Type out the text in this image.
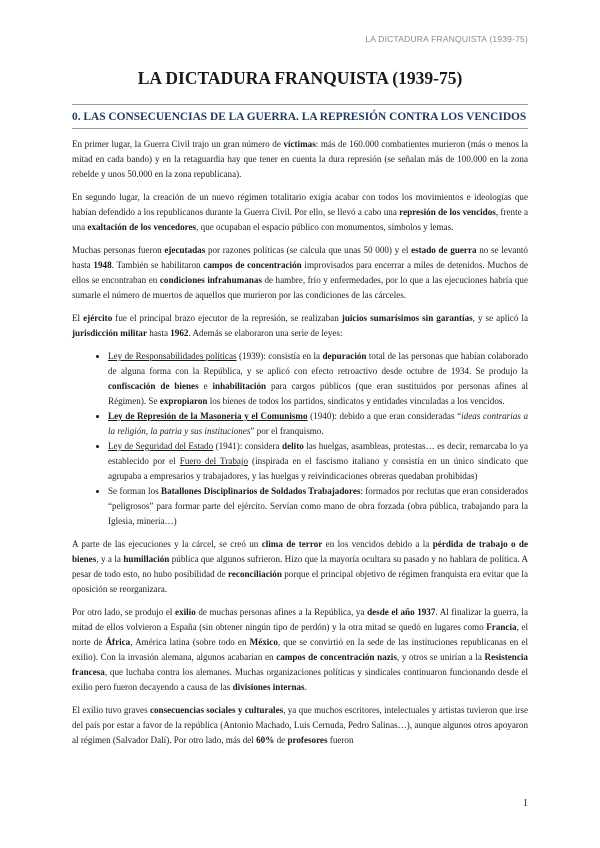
LA DICTADURA FRANQUISTA (1939-75)
LA DICTADURA FRANQUISTA (1939-75)
0. LAS CONSECUENCIAS DE LA GUERRA. LA REPRESIÓN CONTRA LOS VENCIDOS

En primer lugar, la Guerra Civil trajo un gran número de víctimas: más de 160.000 combatientes murieron (más o menos la mitad en cada bando) y en la retaguardia hay que tener en cuenta la dura represión (se señalan más de 100.000 en la zona rebelde y unos 50.000 en la zona republicana).

En segundo lugar, la creación de un nuevo régimen totalitario exigía acabar con todos los movimientos e ideologías que habían defendido a los republicanos durante la Guerra Civil. Por ello, se llevó a cabo una represión de los vencidos, frente a una exaltación de los vencedores, que ocupaban el espacio público con monumentos, símbolos y lemas.

Muchas personas fueron ejecutadas por razones políticas (se calcula que unas 50 000) y el estado de guerra no se levantó hasta 1948. También se habilitaron campos de concentración improvisados para encerrar a miles de detenidos. Muchos de ellos se encontraban en condiciones infrahumanas de hambre, frío y enfermedades, por lo que a las ejecuciones habría que sumarle el número de muertos de aquellos que murieron por las condiciones de las cárceles.

El ejército fue el principal brazo ejecutor de la represión, se realizaban juicios sumarísimos sin garantías, y se aplicó la jurisdicción militar hasta 1962. Además se elaboraron una serie de leyes:

• Ley de Responsabilidades políticas (1939): consistía en la depuración total de las personas que habían colaborado de alguna forma con la República, y se aplicó con efecto retroactivo desde octubre de 1934. Se produjo la confiscación de bienes e inhabilitación para cargos públicos (que eran sustituidos por personas afines al Régimen). Se expropiaron los bienes de todos los partidos, sindicatos y entidades vinculadas a los vencidos.
• Ley de Represión de la Masonería y el Comunismo (1940): debido a que eran consideradas “ideas contrarias a la religión, la patria y sus instituciones” por el franquismo.
• Ley de Seguridad del Estado (1941): considera delito las huelgas, asambleas, protestas… es decir, remarcaba lo ya establecido por el Fuero del Trabajo (inspirada en el fascismo italiano y consistía en un único sindicato que agrupaba a empresarios y trabajadores, y las huelgas y reivindicaciones obreras quedaban prohibidas)
• Se forman los Batallones Disciplinarios de Soldados Trabajadores: formados por reclutas que eran considerados “peligrosos” para formar parte del ejército. Servían como mano de obra forzada (obra pública, trabajando para la Iglesia, minería…)

A parte de las ejecuciones y la cárcel, se creó un clima de terror en los vencidos debido a la pérdida de trabajo o de bienes, y a la humillación pública que algunos sufrieron. Hizo que la mayoría ocultara su pasado y no hablara de política. A pesar de todo esto, no hubo posibilidad de reconciliación porque el principal objetivo de régimen franquista era evitar que la oposición se reorganizara.

Por otro lado, se produjo el exilio de muchas personas afines a la República, ya desde el año 1937. Al finalizar la guerra, la mitad de ellos volvieron a España (sin obtener ningún tipo de perdón) y la otra mitad se quedó en lugares como Francia, el norte de África, América latina (sobre todo en México, que se convirtió en la sede de las instituciones republicanas en el exilio). Con la invasión alemana, algunos acabarían en campos de concentración nazis, y otros se unirían a la Resistencia francesa, que luchaba contra los alemanes. Muchas organizaciones políticas y sindicales continuaron funcionando desde el exilio pero fueron decayendo a causa de las divisiones internas.

El exilio tuvo graves consecuencias sociales y culturales, ya que muchos escritores, intelectuales y artistas tuvieron que irse del país por estar a favor de la república (Antonio Machado, Luis Cernuda, Pedro Salinas…), aunque algunos otros apoyaron al régimen (Salvador Dalí). Por otro lado, más del 60% de profesores fueron

1
